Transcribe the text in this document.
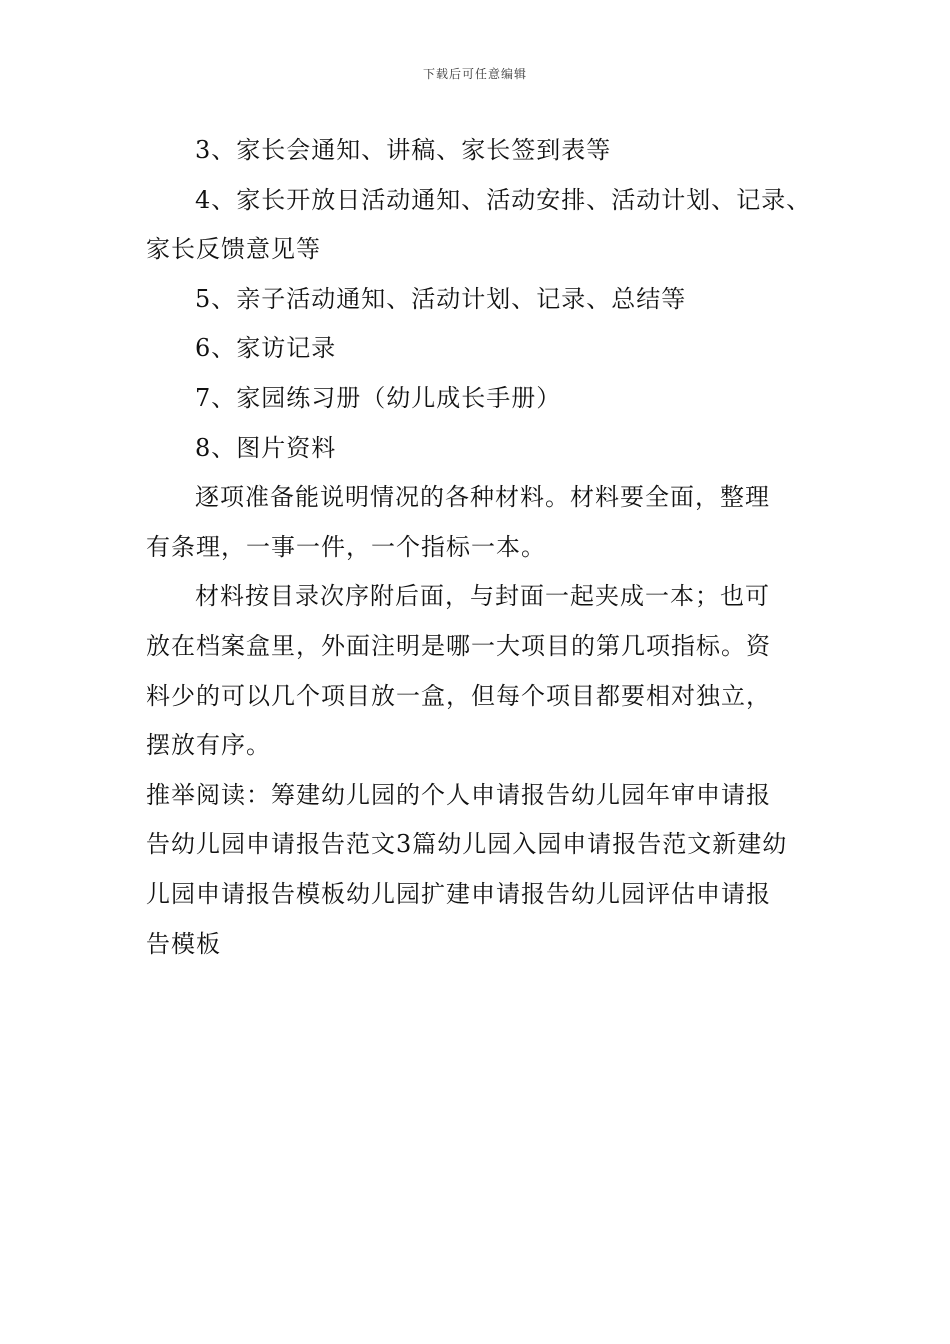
下载后可任意编辑
3、家长会通知、讲稿、家长签到表等
4、家长开放日活动通知、活动安排、活动计划、记录、
家长反馈意见等
5、亲子活动通知、活动计划、记录、总结等
6、家访记录
7、家园练习册（幼儿成长手册）
8、图片资料
逐项准备能说明情况的各种材料。材料要全面，整理
有条理，一事一件，一个指标一本。
材料按目录次序附后面，与封面一起夹成一本；也可
放在档案盒里，外面注明是哪一大项目的第几项指标。资
料少的可以几个项目放一盒，但每个项目都要相对独立，
摆放有序。
推举阅读：筹建幼儿园的个人申请报告幼儿园年审申请报
告幼儿园申请报告范文3篇幼儿园入园申请报告范文新建幼
儿园申请报告模板幼儿园扩建申请报告幼儿园评估申请报
告模板
